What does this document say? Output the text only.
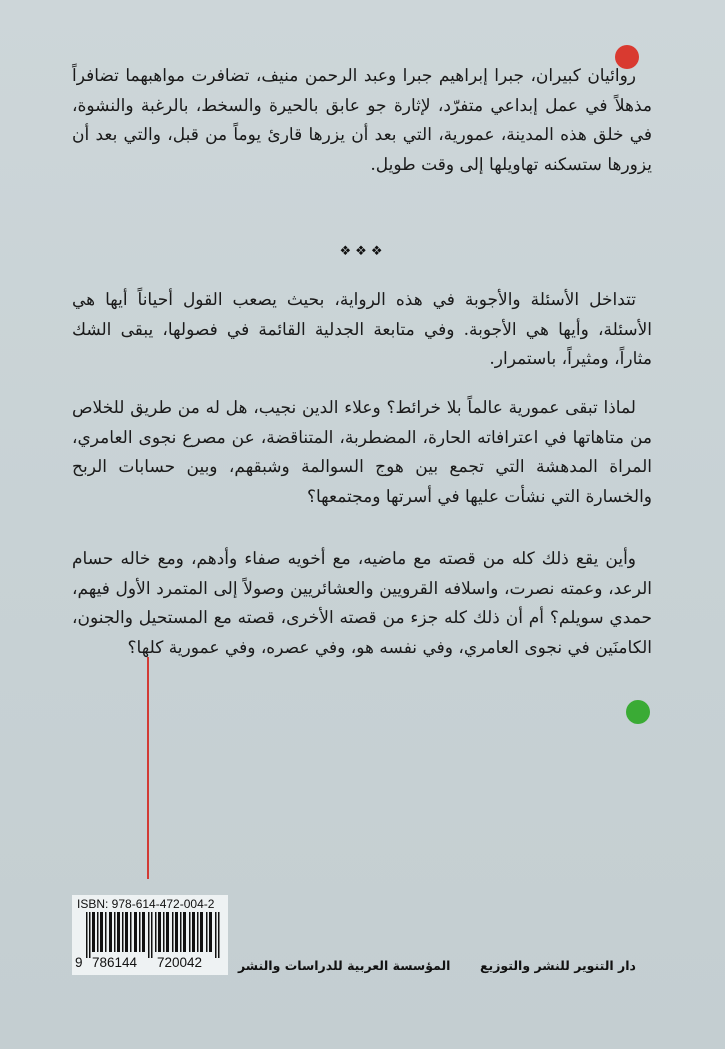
روائيان كبيران، جبرا إبراهيم جبرا وعبد الرحمن منيف، تضافرت مواهبهما تضافراً مذهلاً في عمل إبداعي متفرّد، لإثارة جو عابق بالحيرة والسخط، بالرغبة والنشوة، في خلق هذه المدينة، عمورية، التي بعد أن يزرها قارئ يوماً من قبل، والتي بعد أن يزورها ستسكنه تهاويلها إلى وقت طويل.

❖❖❖

تتداخل الأسئلة والأجوبة في هذه الرواية، بحيث يصعب القول أحياناً أيها هي الأسئلة، وأيها هي الأجوبة. وفي متابعة الجدلية القائمة في فصولها، يبقى الشك مثاراً، ومثيراً، باستمرار.

لماذا تبقى عمورية عالماً بلا خرائط؟ وعلاء الدين نجيب، هل له من طريق للخلاص من متاهاتها في اعترافاته الحارة، المضطربة، المتناقضة، عن مصرع نجوى العامري، المراة المدهشة التي تجمع بين هوج السوالمة وشبقهم، وبين حسابات الربح والخسارة التي نشأت عليها في أسرتها ومجتمعها؟

وأين يقع ذلك كله من قصته مع ماضيه، مع أخويه صفاء وأدهم، ومع خاله حسام الرعد، وعمته نصرت، واسلافه القرويين والعشائريين وصولاً إلى المتمرد الأول فيهم، حمدي سويلم؟ أم أن ذلك كله جزء من قصته الأخرى، قصته مع المستحيل والجنون، الكامنَين في نجوى العامري، وفي نفسه هو، وفي عصره، وفي عمورية كلها؟

ISBN: 978-614-472-004-2
9 786144 720042	المؤسسة العربية للدراسات والنشر دار التنوير للنشر والتوزيع
